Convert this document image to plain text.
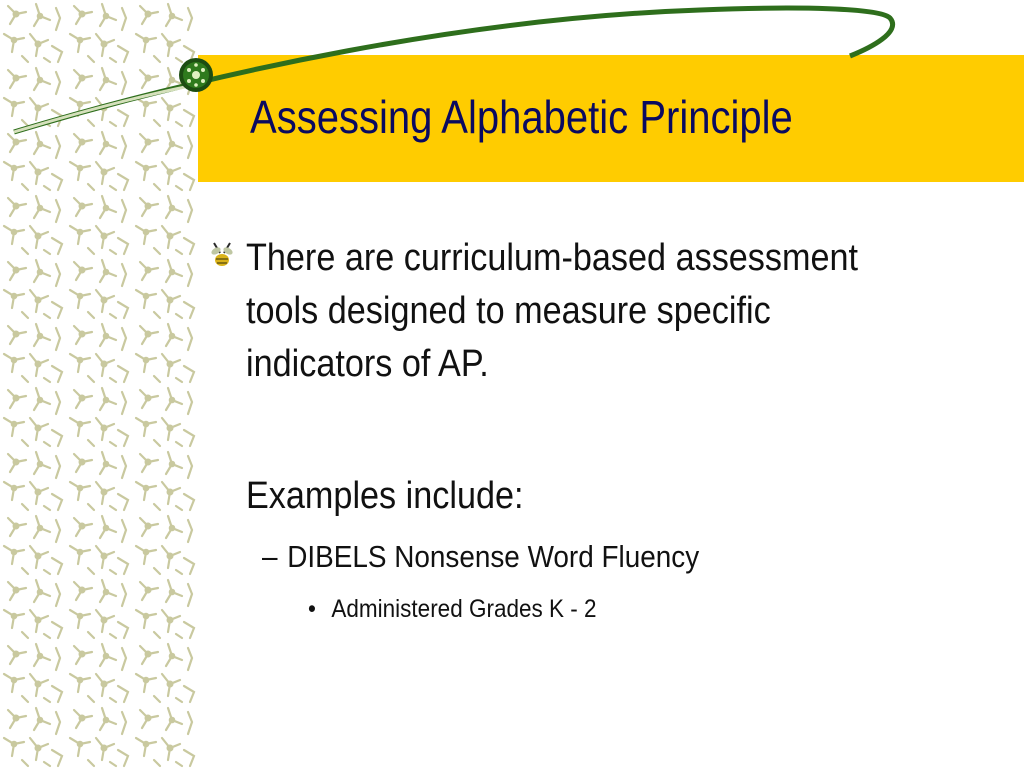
Assessing Alphabetic Principle

There are curriculum-based assessment

tools designed to measure specific

indicators of AP.

Examples include:

– DIBELS Nonsense Word Fluency
• Administered Grades K - 2
